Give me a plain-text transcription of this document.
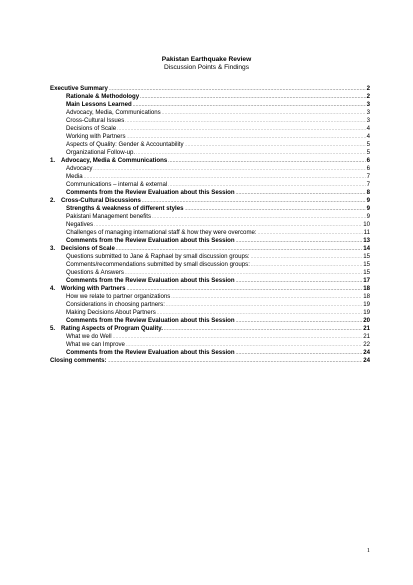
Pakistan Earthquake Review
Discussion Points & Findings
Executive Summary .....	2
Rationale & Methodology .....	2
Main Lessons Learned .....	3
Advocacy, Media, Communications .....	3
Cross-Cultural Issues .....	3
Decisions of Scale .....	4
Working with Partners .....	4
Aspects of Quality: Gender & Accountability .....	5
Organizational Follow-up. .....	5
1. Advocacy, Media & Communications .....	6
Advocacy .....	6
Media .....	7
Communications – internal & external .....	7
Comments from the Review Evaluation about this Session .....	8
2. Cross-Cultural Discussions .....	9
Strengths & weakness of different styles .....	9
Pakistani Management benefits .....	9
Negatives .....	10
Challenges of managing international staff & how they were overcome: .....	11
Comments from the Review Evaluation about this Session .....	13
3. Decisions of Scale .....	14
Questions submitted to Jane & Raphael by small discussion groups: .....	15
Comments/recommendations submitted by small discussion groups: .....	15
Questions & Answers .....	15
Comments from the Review Evaluation about this Session .....	17
4. Working with Partners .....	18
How we relate to partner organizations .....	18
Considerations in choosing partners: .....	19
Making Decisions About Partners .....	19
Comments from the Review Evaluation about this Session .....	20
5. Rating Aspects of Program Quality. .....	21
What we do Well .....	21
What we can Improve .....	22
Comments from the Review Evaluation about this Session .....	24
Closing comments: .....	24
1
